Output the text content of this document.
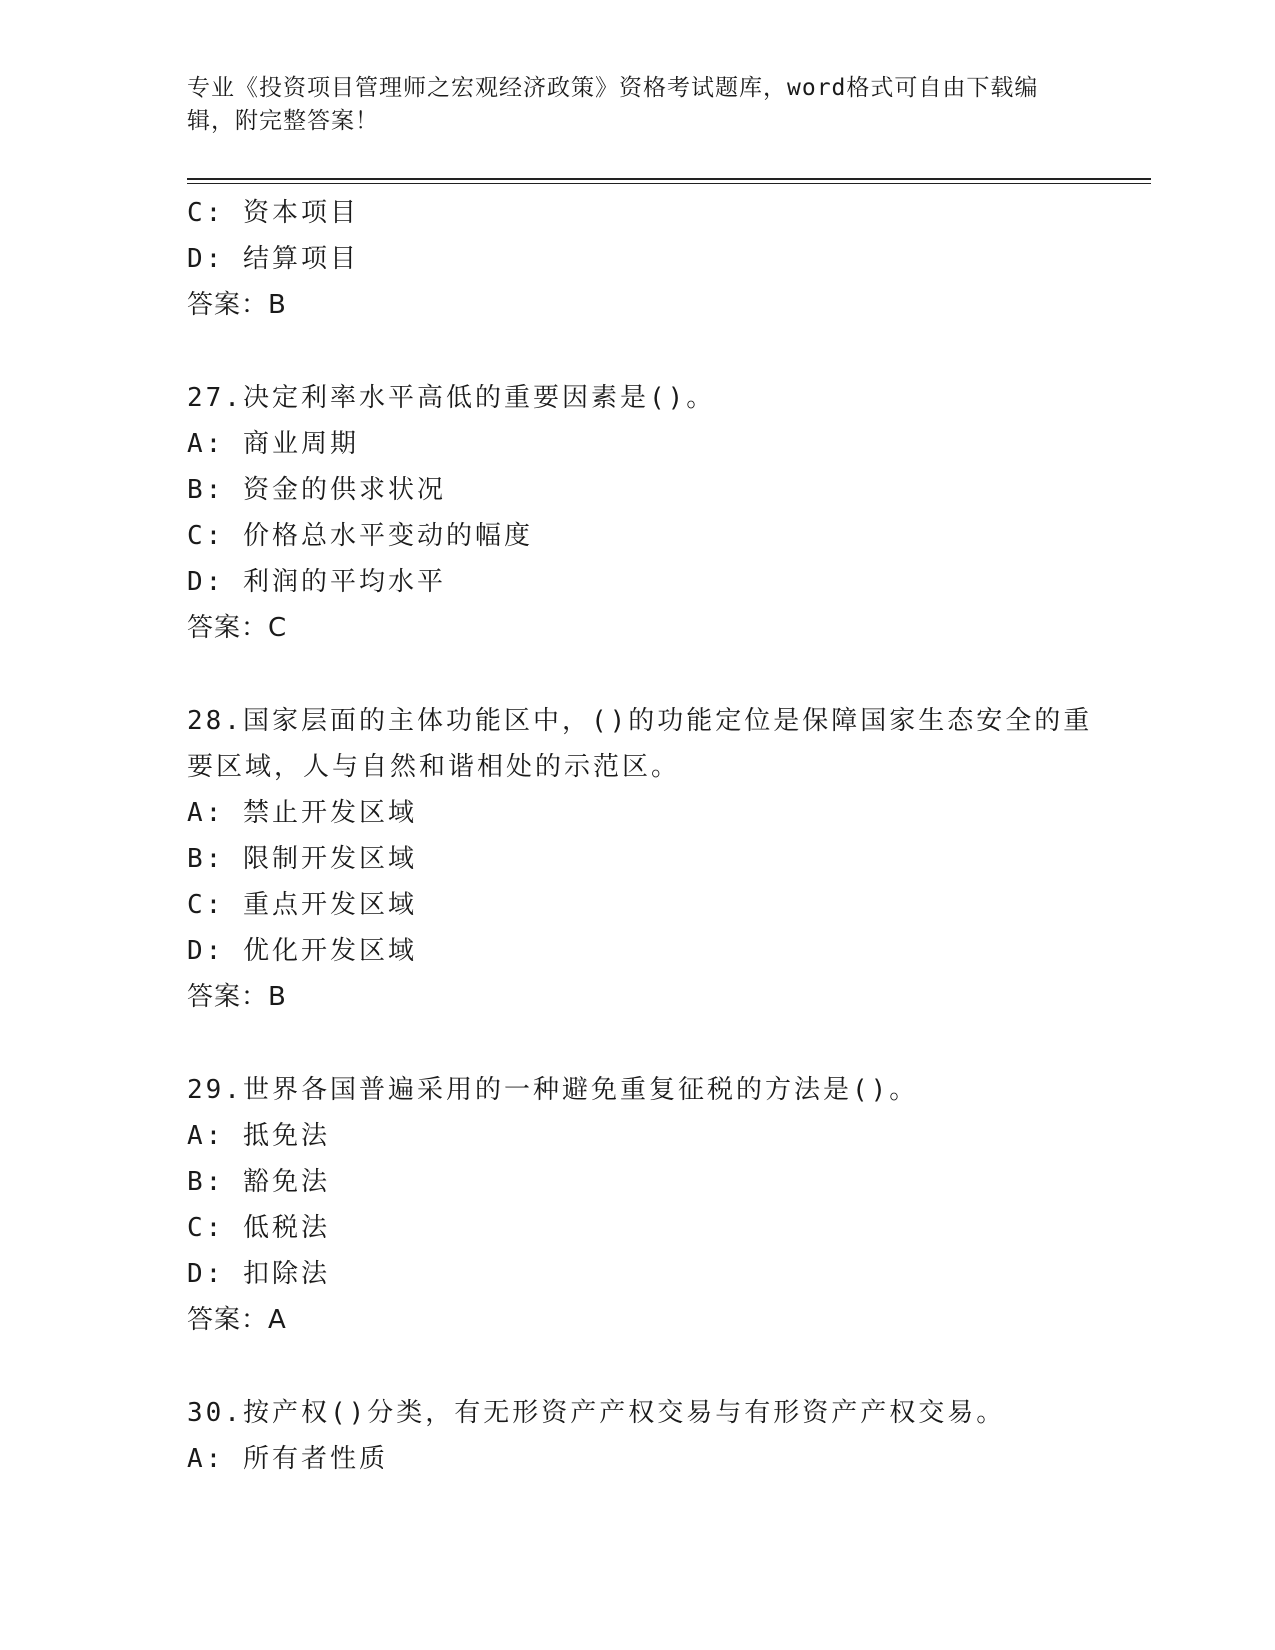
专业《投资项目管理师之宏观经济政策》资格考试题库，word格式可自由下载编
辑，附完整答案！
C: 资本项目
D: 结算项目
答案：B
27.决定利率水平高低的重要因素是()。
A: 商业周期
B: 资金的供求状况
C: 价格总水平变动的幅度
D: 利润的平均水平
答案：C
28.国家层面的主体功能区中，()的功能定位是保障国家生态安全的重
要区域，人与自然和谐相处的示范区。
A: 禁止开发区域
B: 限制开发区域
C: 重点开发区域
D: 优化开发区域
答案：B
29.世界各国普遍采用的一种避免重复征税的方法是()。
A: 抵免法
B: 豁免法
C: 低税法
D: 扣除法
答案：A
30.按产权()分类，有无形资产产权交易与有形资产产权交易。
A: 所有者性质
